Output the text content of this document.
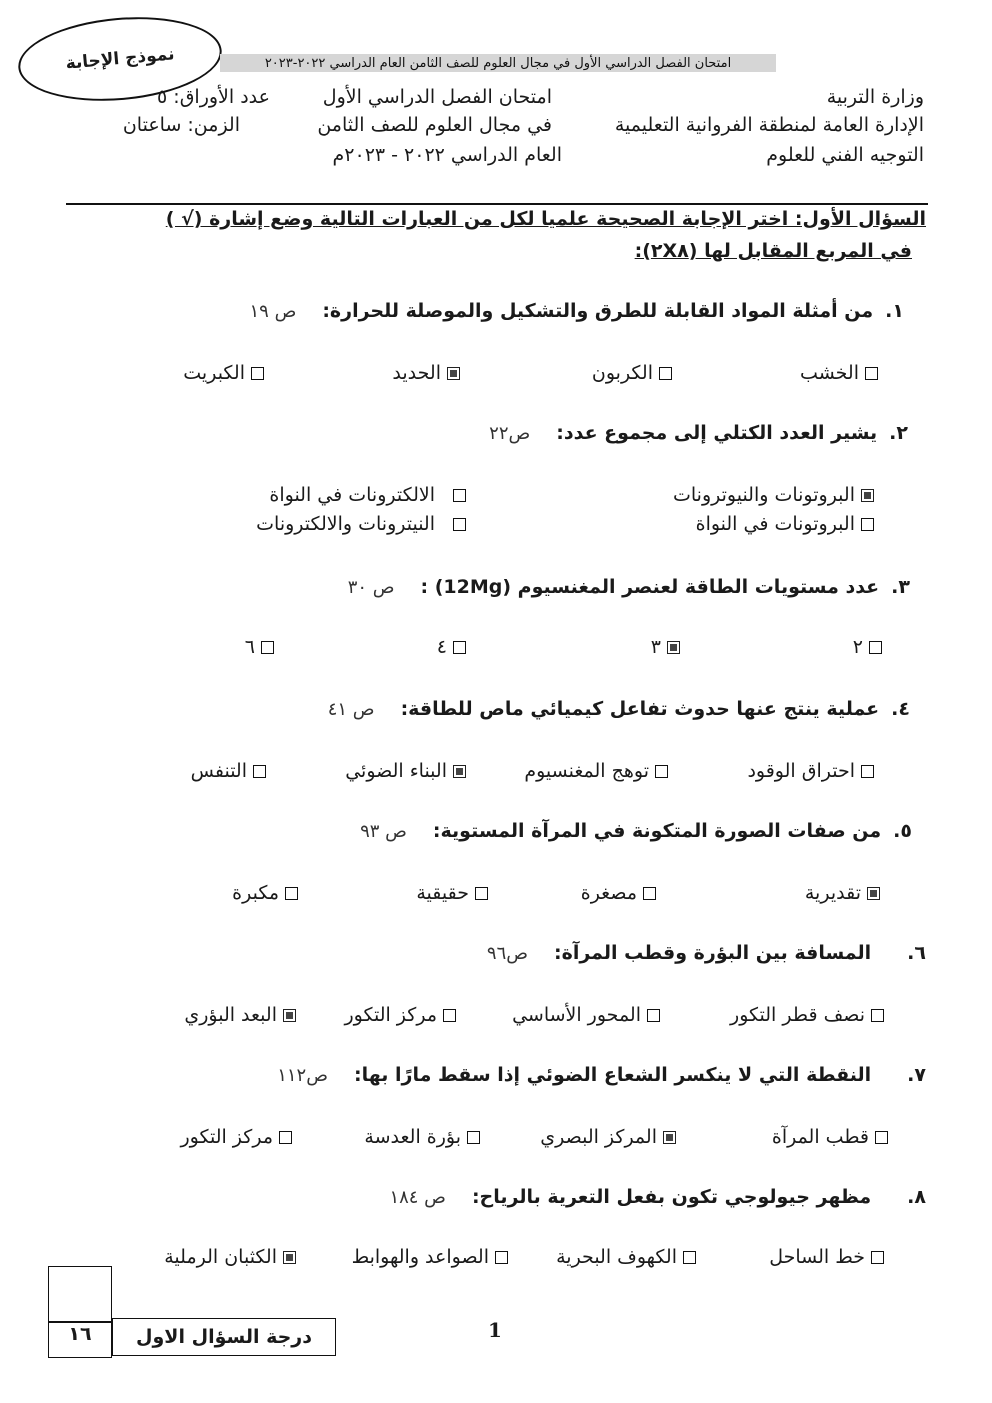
نموذج الإجابة	امتحان الفصل الدراسي الأول في مجال العلوم للصف الثامن العام الدراسي ٢٠٢٢-٢٠٢٣
وزارة التربية
الإدارة العامة لمنطقة الفروانية التعليمية
التوجيه الفني للعلوم
امتحان الفصل الدراسي الأول
في مجال العلوم للصف الثامن
العام الدراسي ٢٠٢٢ - ٢٠٢٣م
عدد الأوراق: ٥
الزمن: ساعتان
السؤال الأول: اختر الإجابة الصحيحة علميا لكل من العبارات التالية وضع إشارة (√ )
في المربع المقابل لها (٢X٨):
١.
من أمثلة المواد القابلة للطرق والتشكيل والموصلة للحرارة:
ص ١٩
الخشب
الكربون
الحديد
الكبريت
٢.
يشير العدد الكتلي إلى مجموع عدد:
ص٢٢
البروتونات والنيوترونات
الالكترونات في النواة
البروتونات في النواة
النيترونات والالكترونات
٣.
عدد مستويات الطاقة لعنصر المغنسيوم (12Mg) :
ص ٣٠
٢
٣
٤
٦
٤.
عملية ينتج عنها حدوث تفاعل كيميائي ماص للطاقة:
ص ٤١
احتراق الوقود
توهج المغنسيوم
البناء الضوئي
التنفس
٥.
من صفات الصورة المتكونة في المرآة المستوية:
ص ٩٣
تقديرية
مصغرة
حقيقية
مكبرة
٦.
المسافة بين البؤرة وقطب المرآة:
ص٩٦
نصف قطر التكور
المحور الأساسي
مركز التكور
البعد البؤري
٧.
النقطة التي لا ينكسر الشعاع الضوئي إذا سقط مارًا بها:
ص١١٢
قطب المرآة
المركز البصري
بؤرة العدسة
مركز التكور
٨.
مظهر جيولوجي تكون بفعل التعرية بالرياح:
ص ١٨٤
خط الساحل
الكهوف البحرية
الصواعد والهوابط
الكثبان الرملية
١٦	درجة السؤال الاول	1
